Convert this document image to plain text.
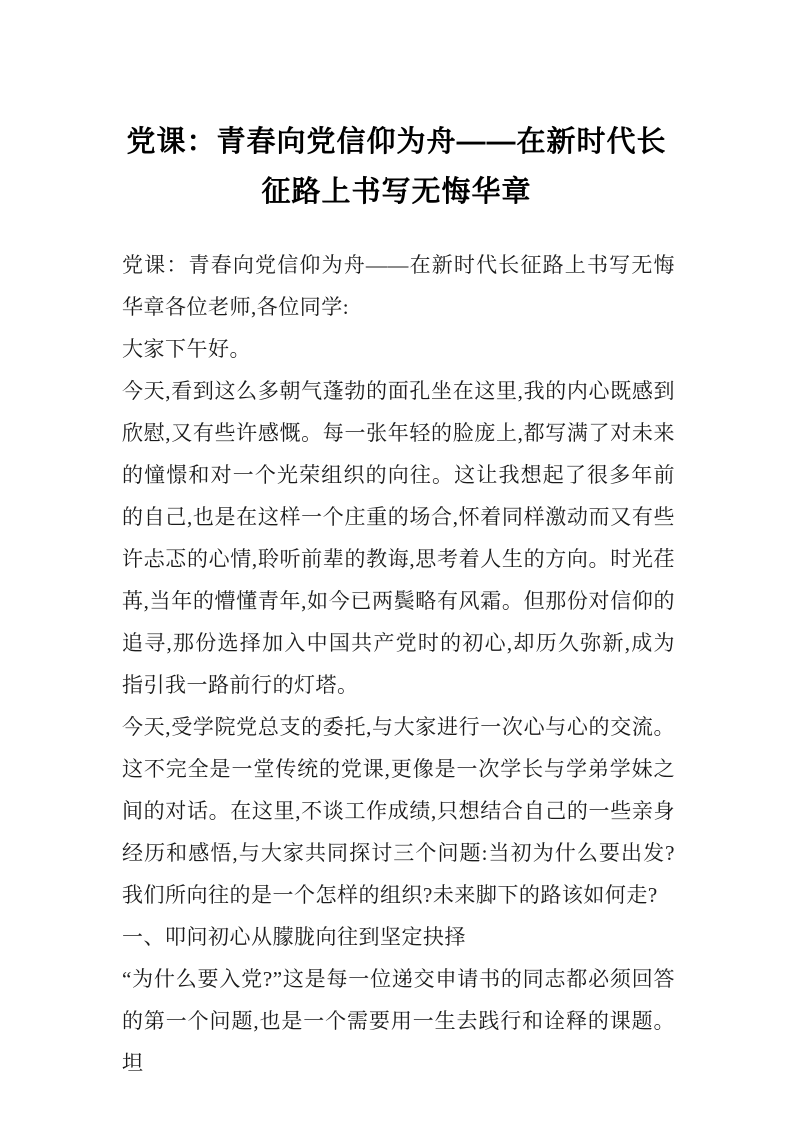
党课：青春向党信仰为舟——在新时代长征路上书写无悔华章

党课：青春向党信仰为舟——在新时代长征路上书写无悔华章各位老师,各位同学:

大家下午好。

今天,看到这么多朝气蓬勃的面孔坐在这里,我的内心既感到欣慰,又有些许感慨。每一张年轻的脸庞上,都写满了对未来的憧憬和对一个光荣组织的向往。这让我想起了很多年前的自己,也是在这样一个庄重的场合,怀着同样激动而又有些许忐忑的心情,聆听前辈的教诲,思考着人生的方向。时光荏苒,当年的懵懂青年,如今已两鬓略有风霜。但那份对信仰的追寻,那份选择加入中国共产党时的初心,却历久弥新,成为指引我一路前行的灯塔。

今天,受学院党总支的委托,与大家进行一次心与心的交流。这不完全是一堂传统的党课,更像是一次学长与学弟学妹之间的对话。在这里,不谈工作成绩,只想结合自己的一些亲身经历和感悟,与大家共同探讨三个问题:当初为什么要出发?我们所向往的是一个怎样的组织?未来脚下的路该如何走?

一、叩问初心从朦胧向往到坚定抉择

“为什么要入党?”这是每一位递交申请书的同志都必须回答的第一个问题,也是一个需要用一生去践行和诠释的课题。坦
